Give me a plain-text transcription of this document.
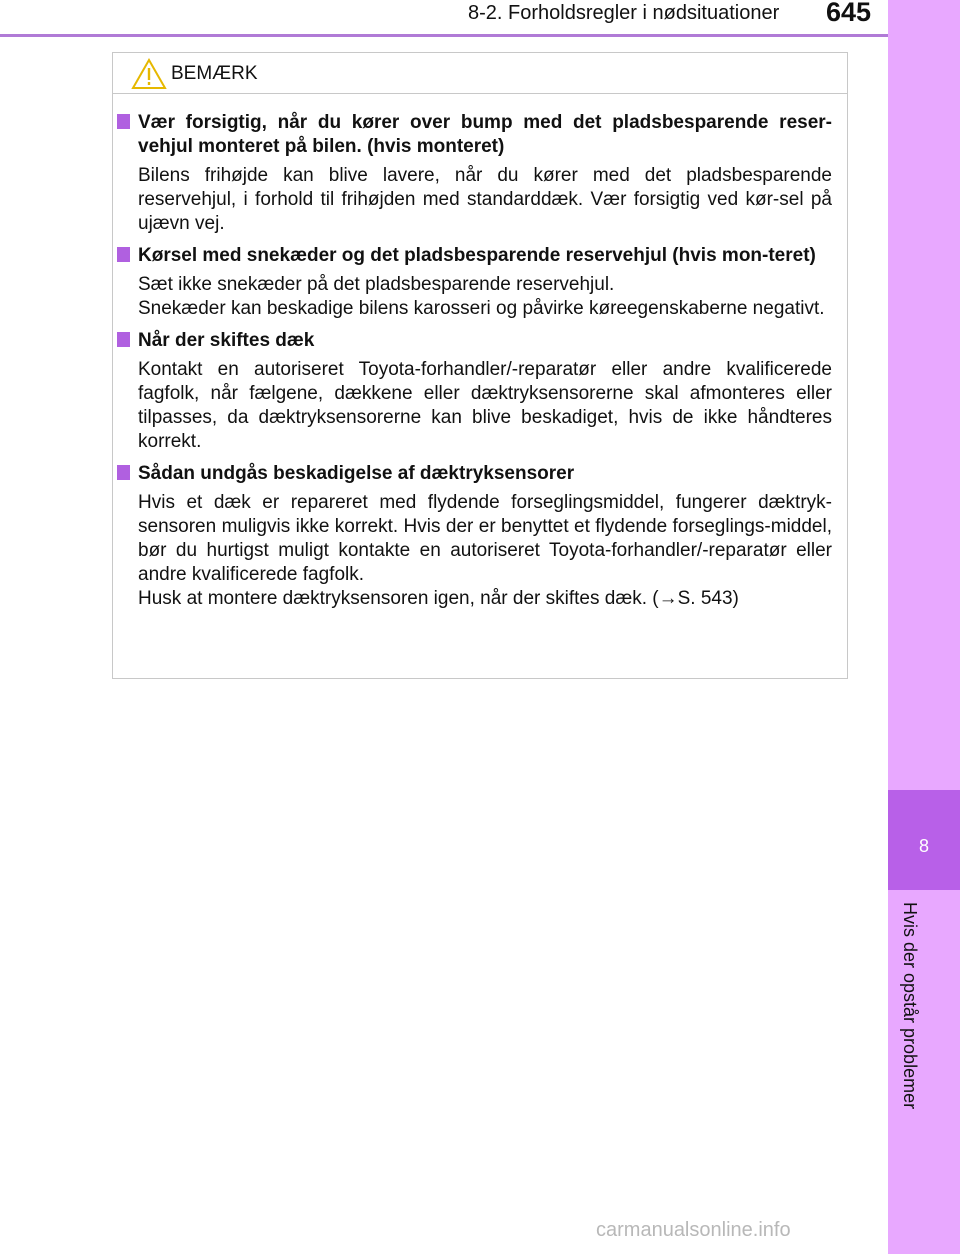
8
Hvis der opstår problemer
8-2. Forholdsregler i nødsituationer	645
BEMÆRK

Vær forsigtig, når du kører over bump med det pladsbesparende reser-vehjul monteret på bilen. (hvis monteret)

Bilens frihøjde kan blive lavere, når du kører med det pladsbesparende reservehjul, i forhold til frihøjden med standarddæk. Vær forsigtig ved kør-sel på ujævn vej.

Kørsel med snekæder og det pladsbesparende reservehjul (hvis mon-teret)

Sæt ikke snekæder på det pladsbesparende reservehjul.

Snekæder kan beskadige bilens karosseri og påvirke køreegenskaberne negativt.

Når der skiftes dæk

Kontakt en autoriseret Toyota-forhandler/-reparatør eller andre kvalificerede fagfolk, når fælgene, dækkene eller dæktryksensorerne skal afmonteres eller tilpasses, da dæktryksensorerne kan blive beskadiget, hvis de ikke håndteres korrekt.

Sådan undgås beskadigelse af dæktryksensorer

Hvis et dæk er repareret med flydende forseglingsmiddel, fungerer dæktryk-sensoren muligvis ikke korrekt. Hvis der er benyttet et flydende forseglings-middel, bør du hurtigst muligt kontakte en autoriseret Toyota-forhandler/-reparatør eller andre kvalificerede fagfolk.

Husk at montere dæktryksensoren igen, når der skiftes dæk. (→S. 543)

carmanualsonline.info
